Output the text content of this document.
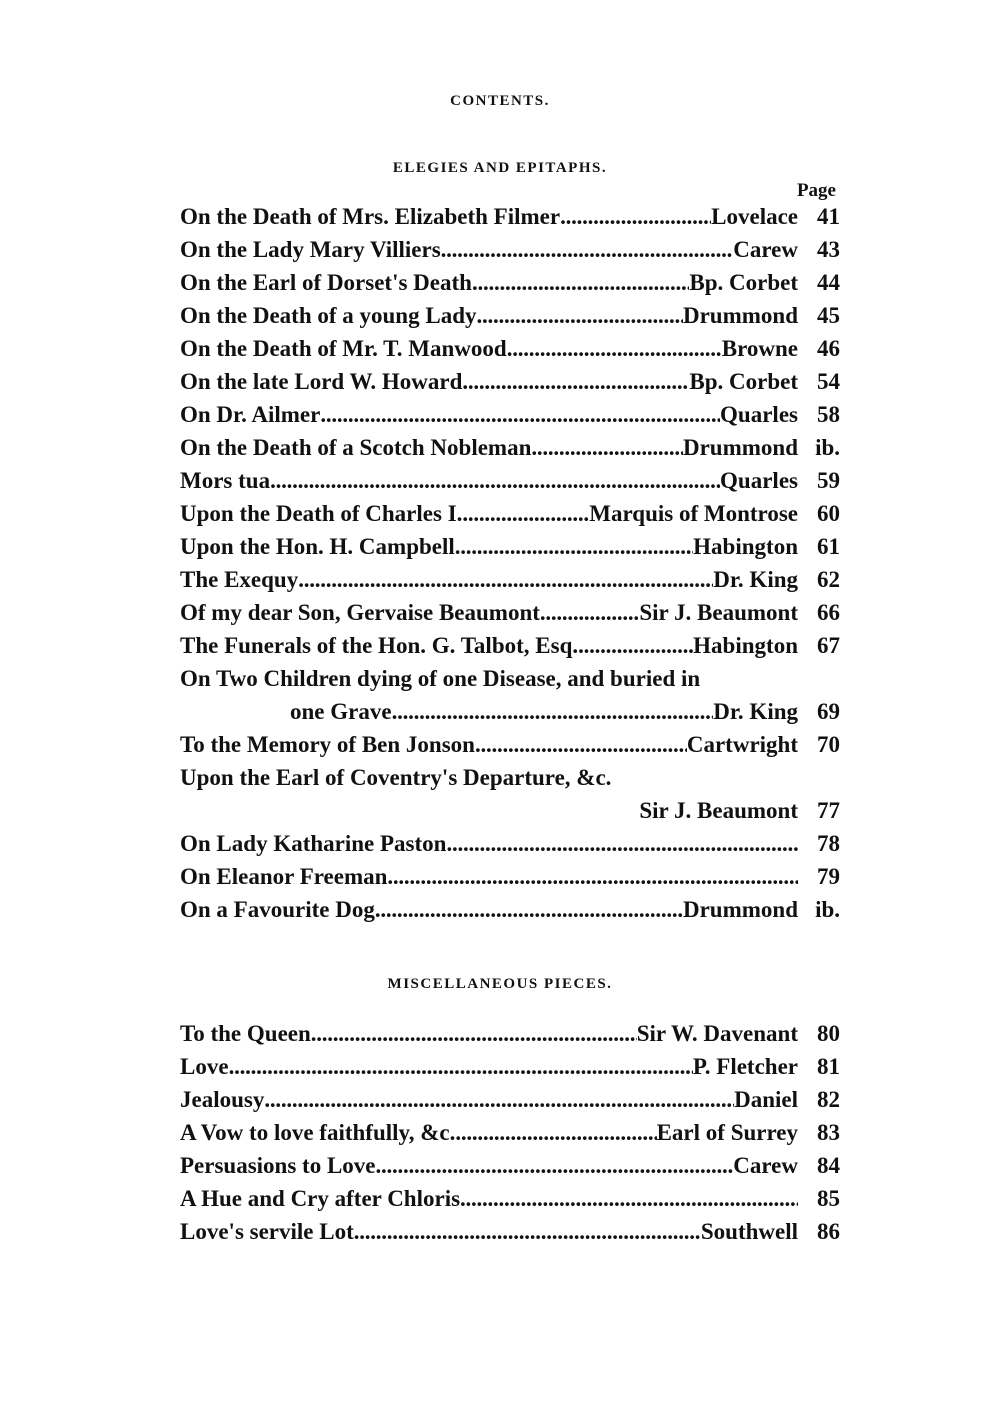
CONTENTS.
ELEGIES AND EPITAPHS.
Page
On the Death of Mrs. Elizabeth Filmer . . .	Lovelace 41
On the Lady Mary Villiers . . .	Carew 43
On the Earl of Dorset's Death . . .	Bp. Corbet 44
On the Death of a young Lady . . .	Drummond 45
On the Death of Mr. T. Manwood . . .	Browne 46
On the late Lord W. Howard . . .	Bp. Corbet 54
On Dr. Ailmer . . .	Quarles 58
On the Death of a Scotch Nobleman . . .	Drummond ib.
Mors tua . . .	Quarles 59
Upon the Death of Charles I. . . .	Marquis of Montrose 60
Upon the Hon. H. Campbell . . .	Habington 61
The Exequy . . .	Dr. King 62
Of my dear Son, Gervaise Beaumont . . .	Sir J. Beaumont 66
The Funerals of the Hon. G. Talbot, Esq. . . .	Habington 67
On Two Children dying of one Disease, and buried in
one Grave . . .	Dr. King 69
To the Memory of Ben Jonson . . .	Cartwright 70
Upon the Earl of Coventry's Departure, &c.
Sir J. Beaumont 77
On Lady Katharine Paston . . .	78
On Eleanor Freeman . . .	79
On a Favourite Dog . . .	Drummond ib.
MISCELLANEOUS PIECES.
To the Queen . . .	Sir W. Davenant 80
Love . . .	P. Fletcher 81
Jealousy . . .	Daniel 82
A Vow to love faithfully, &c. . . .	Earl of Surrey 83
Persuasions to Love . . .	Carew 84
A Hue and Cry after Chloris . . .	85
Love's servile Lot . . .	Southwell 86
